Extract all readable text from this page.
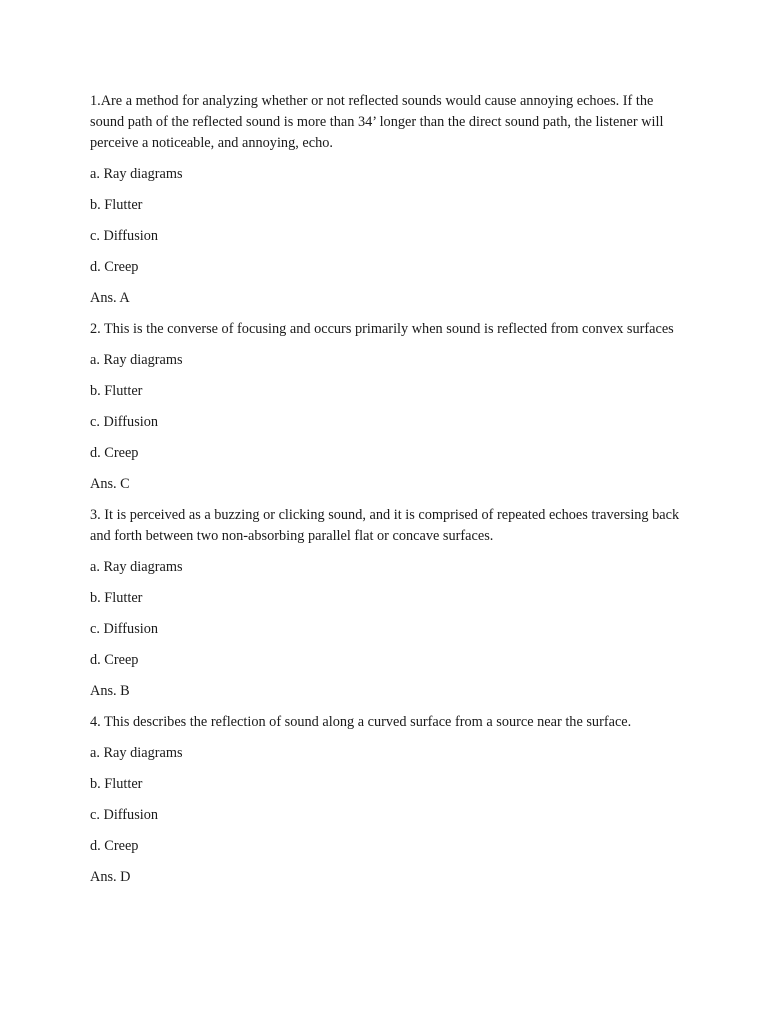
1.Are a method for analyzing whether or not reflected sounds would cause annoying echoes. If the sound path of the reflected sound is more than 34’ longer than the direct sound path, the listener will perceive a noticeable, and annoying, echo.

a. Ray diagrams

b. Flutter

c. Diffusion

d. Creep

Ans. A

2. This is the converse of focusing and occurs primarily when sound is reflected from convex surfaces

a. Ray diagrams

b. Flutter

c. Diffusion

d. Creep

Ans. C

3. It is perceived as a buzzing or clicking sound, and it is comprised of repeated echoes traversing back and forth between two non-absorbing parallel flat or concave surfaces.

a. Ray diagrams

b. Flutter

c. Diffusion

d. Creep

Ans. B

4. This describes the reflection of sound along a curved surface from a source near the surface.

a. Ray diagrams

b. Flutter

c. Diffusion

d. Creep

Ans. D
